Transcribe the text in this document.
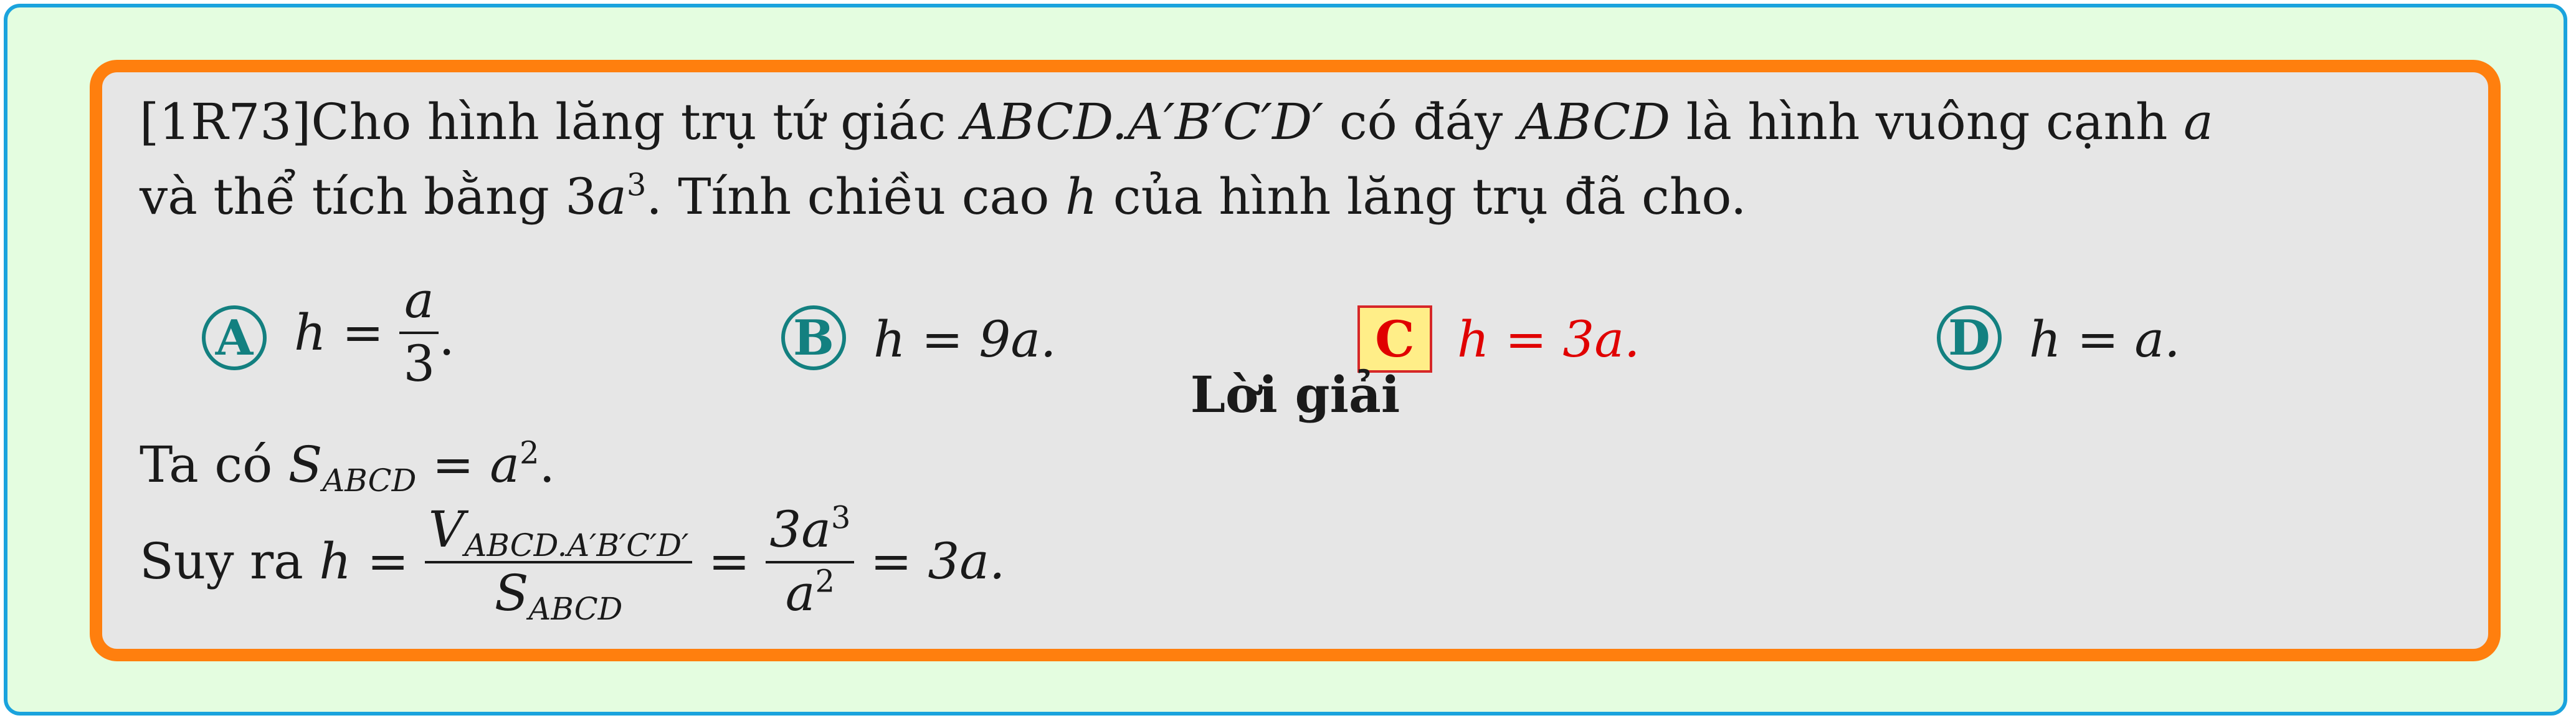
[1R73]Cho hình lăng trụ tứ giác ABCD.A′B′C′D′ có đáy ABCD là hình vuông cạnh a
và thể tích bằng $3a^3$. Tính chiều cao h của hình lăng trụ đã cho.
A $h = \frac{a}{3}$ .	B h = 9a.	C h = 3a.	D h = a.
Lời giải
Ta có $S_{ABCD} = a^2$.
Suy ra $h = \frac{V_{ABCD.A'B'C'D'}}{S_{ABCD}} = \frac{3a^3}{a^2} = 3a$.
